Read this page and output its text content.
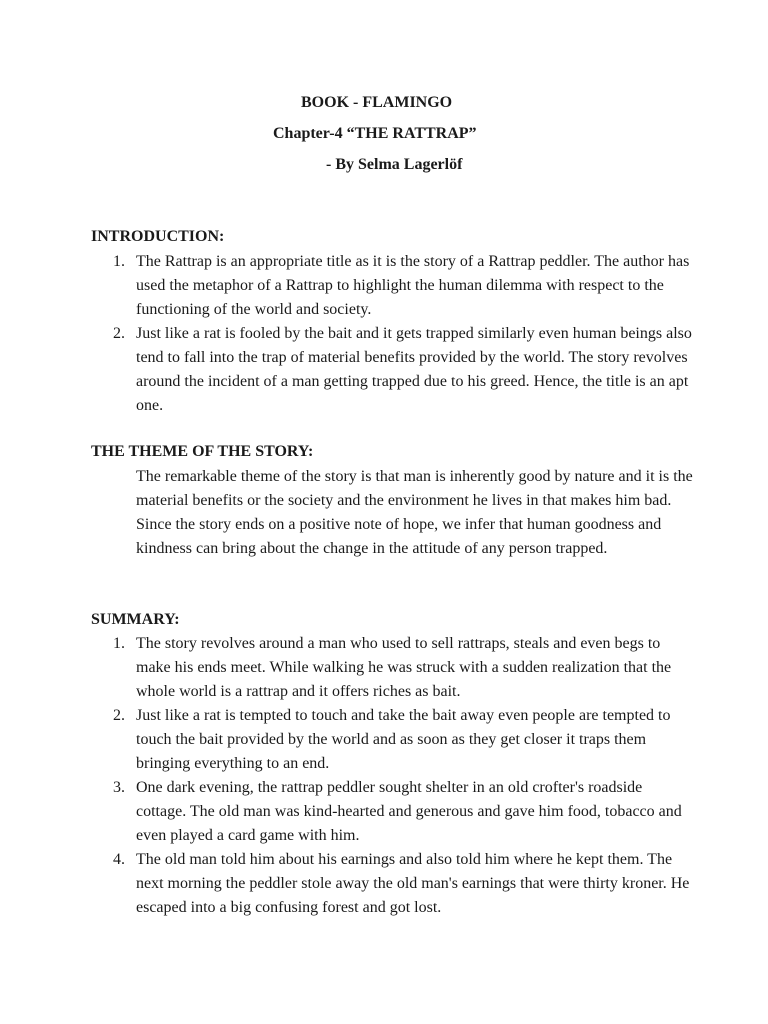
BOOK - FLAMINGO
Chapter-4 “THE RATTRAP”
- By Selma Lagerlöf
INTRODUCTION:
1. The Rattrap is an appropriate title as it is the story of a Rattrap peddler. The author has used the metaphor of a Rattrap to highlight the human dilemma with respect to the functioning of the world and society.
2. Just like a rat is fooled by the bait and it gets trapped similarly even human beings also tend to fall into the trap of material benefits provided by the world. The story revolves around the incident of a man getting trapped due to his greed. Hence, the title is an apt one.
THE THEME OF THE STORY:

The remarkable theme of the story is that man is inherently good by nature and it is the material benefits or the society and the environment he lives in that makes him bad. Since the story ends on a positive note of hope, we infer that human goodness and kindness can bring about the change in the attitude of any person trapped.

SUMMARY:
1. The story revolves around a man who used to sell rattraps, steals and even begs to make his ends meet. While walking he was struck with a sudden realization that the whole world is a rattrap and it offers riches as bait.
2. Just like a rat is tempted to touch and take the bait away even people are tempted to touch the bait provided by the world and as soon as they get closer it traps them bringing everything to an end.
3. One dark evening, the rattrap peddler sought shelter in an old crofter's roadside cottage. The old man was kind-hearted and generous and gave him food, tobacco and even played a card game with him.
4. The old man told him about his earnings and also told him where he kept them. The next morning the peddler stole away the old man's earnings that were thirty kroner. He escaped into a big confusing forest and got lost.
